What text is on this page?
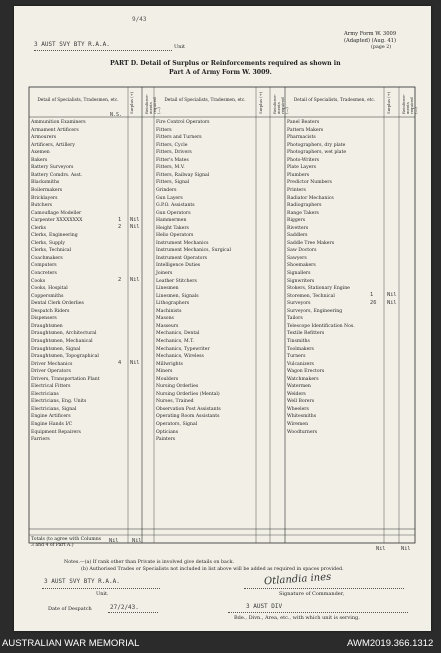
9/43
Army Form W. 3009
(Adapted) (Aug. 41)
(page 2)
3 AUST SVY BTY R.A.A.	Unit
PART D. Detail of Surplus or Reinforcements required as shown in
Part A of Army Form W. 3009.
Detail of Specialists, Tradesmen, etc.	Surplus (+)	Reinforce-ments required (—)
Detail of Specialists, Tradesmen, etc.	Surplus (+) Reinforce-ments required (—)
Detail of Specialists, Tradesmen, etc.	Surplus (+)	Reinforce-ments required (—)
N.S.
Ammunition Examiners
Armament Artificers
Armourers
Artificers, Artillery
Axemen
Bakers
Battery Surveyors
Battery Comdrs. Asst.
Blacksmiths
Boilermakers
Bricklayers
Butchers
Camouflage Modeller
Carpenter XXXXXXXX	1 Nil
Clerks	2 Nil
Clerks, Engineering
Clerks, Supply
Clerks, Technical
Coachmakers
Computers
Concreters
Cooks	2 Nil
Cooks, Hospital
Coppersmiths
Dental Clerk Orderlies
Despatch Riders
Dispensers
Draughtsmen
Draughtsmen, Architectural
Draughtsmen, Mechanical
Draughtsmen, Signal
Draughtsmen, Topographical
Driver Mechanics	4 Nil
Driver Operators
Drivers, Transportation Plant
Electrical Fitters
Electricians
Electricians, Eng. Units
Electricians, Signal
Engine Artificers
Engine Hands I/C
Equipment Repairers
Farriers
Fire Control Operators
Fitters
Fitters and Turners
Fitters, Cycle
Fitters, Drivers
Fitter's Mates
Fitters, M.V.
Fitters, Railway Signal
Fitters, Signal
Grinders
Gun Layers
G.P.O. Assistants
Gun Operators
Hammermen
Height Takers
Helio Operators
Instrument Mechanics
Instrument Mechanics, Surgical
Instrument Operators
Intelligence Duties
Joiners
Leather Stitchers
Linesmen
Linesmen, Signals
Lithographers
Machinists
Masons
Masseurs
Mechanics, Dental
Mechanics, M.T.
Mechanics, Typewriter
Mechanics, Wireless
Millwrights
Miners
Moulders
Nursing Orderlies
Nursing Orderlies (Mental)
Nurses, Trained
Observation Post Assistants
Operating Room Assistants
Operators, Signal
Opticians
Painters
Panel Beaters
Pattern Makers
Pharmacists
Photographers, dry plate
Photographers, wet plate
Photo-Writers
Plate Layers
Plumbers
Predictor Numbers
Printers
Radiator Mechanics
Radiographers
Range Takers
Riggers
Rivetters
Saddlers
Saddle Tree Makers
Saw Doctors
Sawyers
Shoemakers
Signallers
Signwriters
Stokers, Stationary Engine
Storemen, Technical	1	Nil
Surveyors	26 Nil
Surveyors, Engineering
Tailors
Telescope Identification Nos.
Textile Refitters
Tinsmiths
Toolmakers
Turners
Vulcanizers
Wagon Erectors
Watchmakers
Watermen
Welders
Well Borers
Wheelers
Whitesmiths
Wiremen
Woodturners
Totals (to agree with Columns
3 and 4 of Part A.)
Nil	Nil
Nil	Nil
Notes.—(a) If rank other than Private is involved give details on back.
(b) Authorised Trades or Specialists not included in list above will be added as required in spaces provided.
3 AUST SVY BTY R.A.A.
Unit.
Otlandia ines
Signature of Commander,
Date of Despatch	27/2/43.	3 AUST DIV
Bde., Divn., Area, etc., with which unit is serving.
AUSTRALIAN WAR MEMORIAL	AWM2019.366.1312
